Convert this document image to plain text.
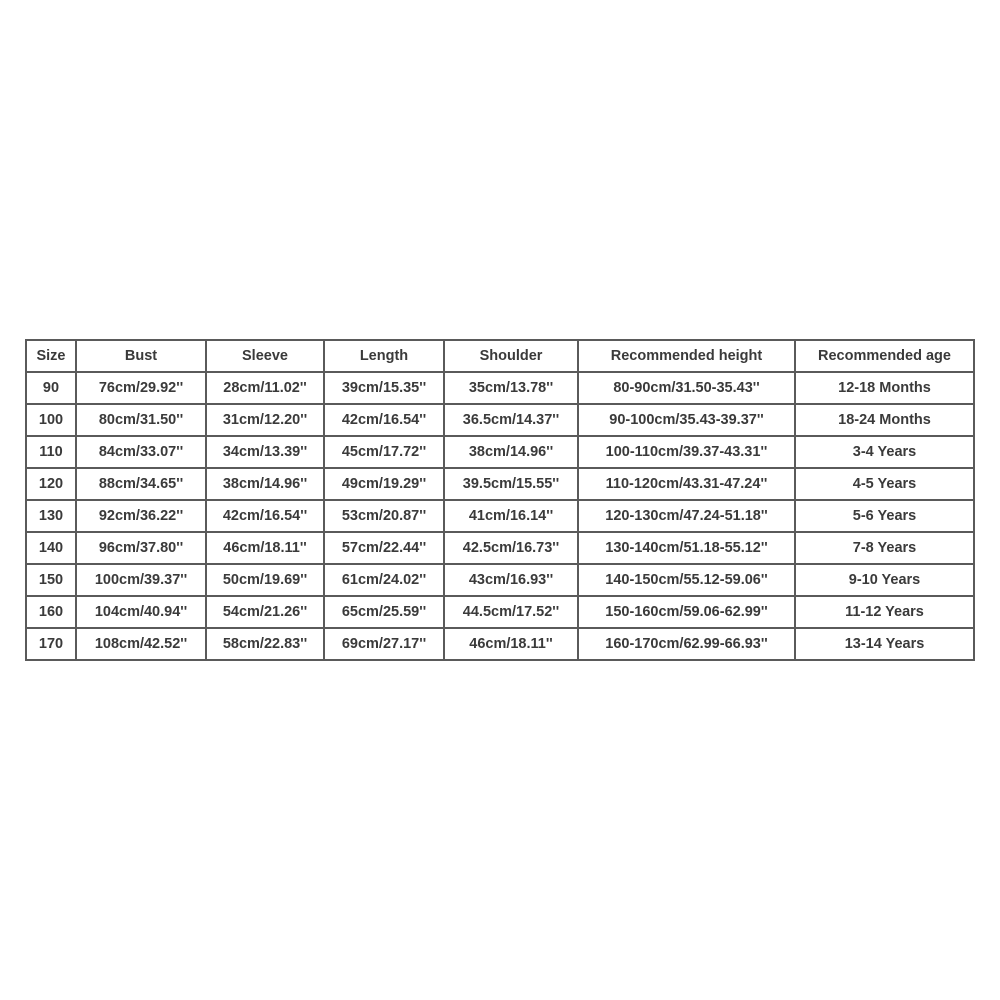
Size	Bust	Sleeve	Length	Shoulder	Recommended height	Recommended age
90	76cm/29.92''	28cm/11.02''	39cm/15.35''	35cm/13.78''	80-90cm/31.50-35.43''	12-18 Months
100	80cm/31.50''	31cm/12.20''	42cm/16.54''	36.5cm/14.37''	90-100cm/35.43-39.37''	18-24 Months
110	84cm/33.07''	34cm/13.39''	45cm/17.72''	38cm/14.96''	100-110cm/39.37-43.31''	3-4 Years
120	88cm/34.65''	38cm/14.96''	49cm/19.29''	39.5cm/15.55''	110-120cm/43.31-47.24''	4-5 Years
130	92cm/36.22''	42cm/16.54''	53cm/20.87''	41cm/16.14''	120-130cm/47.24-51.18''	5-6 Years
140	96cm/37.80''	46cm/18.11''	57cm/22.44''	42.5cm/16.73''	130-140cm/51.18-55.12''	7-8 Years
150	100cm/39.37''	50cm/19.69''	61cm/24.02''	43cm/16.93''	140-150cm/55.12-59.06''	9-10 Years
160	104cm/40.94''	54cm/21.26''	65cm/25.59''	44.5cm/17.52''	150-160cm/59.06-62.99''	11-12 Years
170	108cm/42.52''	58cm/22.83''	69cm/27.17''	46cm/18.11''	160-170cm/62.99-66.93''	13-14 Years
